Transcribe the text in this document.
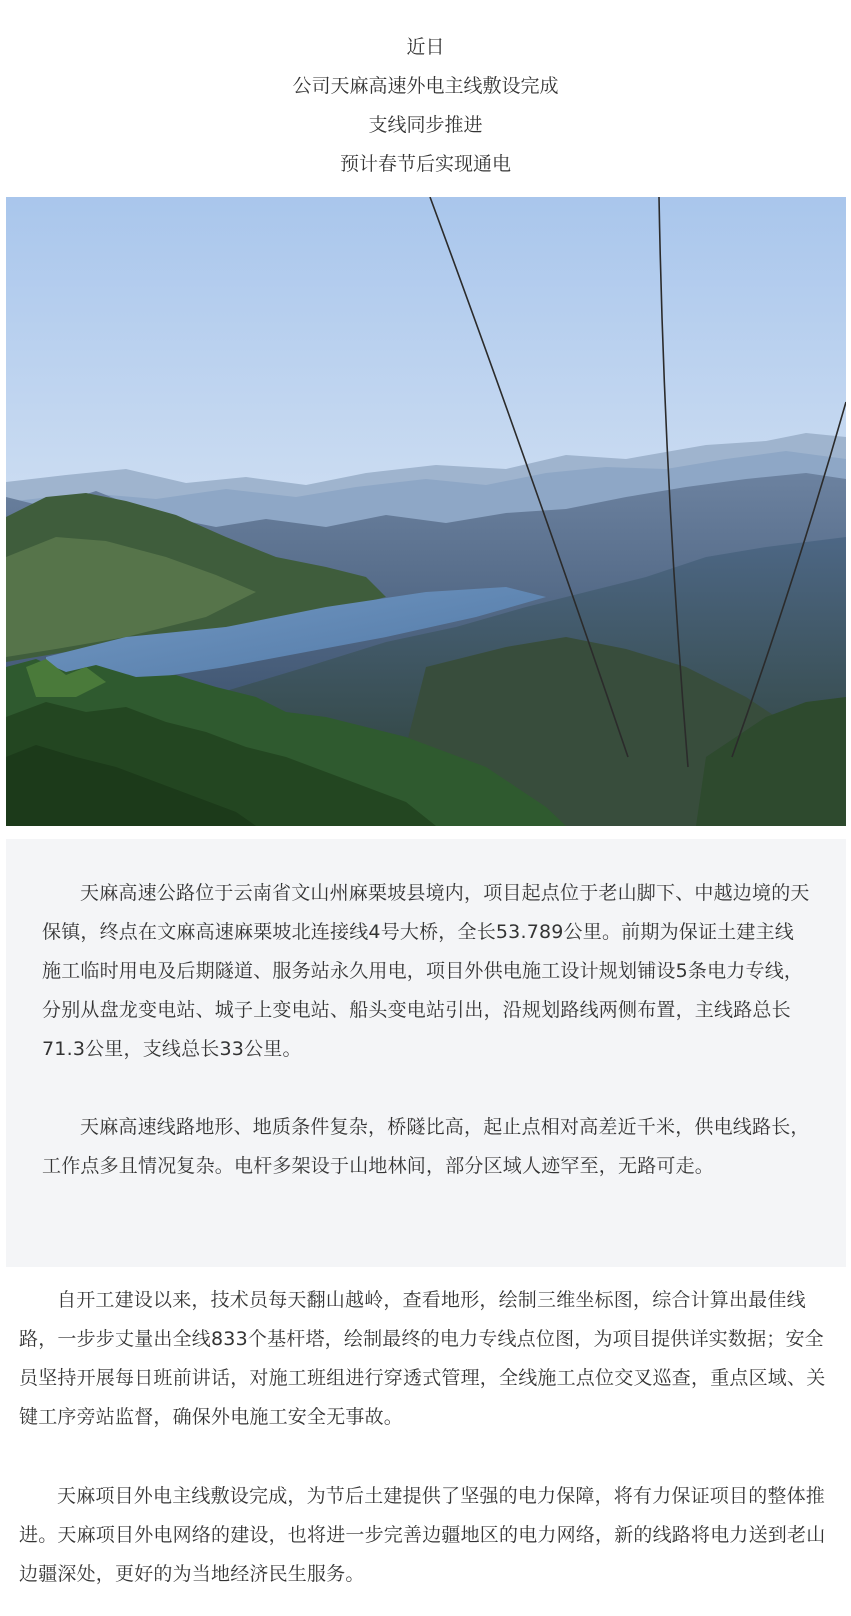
近日
公司天麻高速外电主线敷设完成
支线同步推进
预计春节后实现通电

天麻高速公路位于云南省文山州麻栗坡县境内，项目起点位于老山脚下、中越边境的天保镇，终点在文麻高速麻栗坡北连接线4号大桥，全长53.789公里。前期为保证土建主线施工临时用电及后期隧道、服务站永久用电，项目外供电施工设计规划铺设5条电力专线，分别从盘龙变电站、城子上变电站、船头变电站引出，沿规划路线两侧布置，主线路总长71.3公里，支线总长33公里。

天麻高速线路地形、地质条件复杂，桥隧比高，起止点相对高差近千米，供电线路长，工作点多且情况复杂。电杆多架设于山地林间，部分区域人迹罕至，无路可走。

自开工建设以来，技术员每天翻山越岭，查看地形，绘制三维坐标图，综合计算出最佳线路，一步步丈量出全线833个基杆塔，绘制最终的电力专线点位图，为项目提供详实数据；安全员坚持开展每日班前讲话，对施工班组进行穿透式管理，全线施工点位交叉巡查，重点区域、关键工序旁站监督，确保外电施工安全无事故。

天麻项目外电主线敷设完成，为节后土建提供了坚强的电力保障，将有力保证项目的整体推进。天麻项目外电网络的建设，也将进一步完善边疆地区的电力网络，新的线路将电力送到老山边疆深处，更好的为当地经济民生服务。
